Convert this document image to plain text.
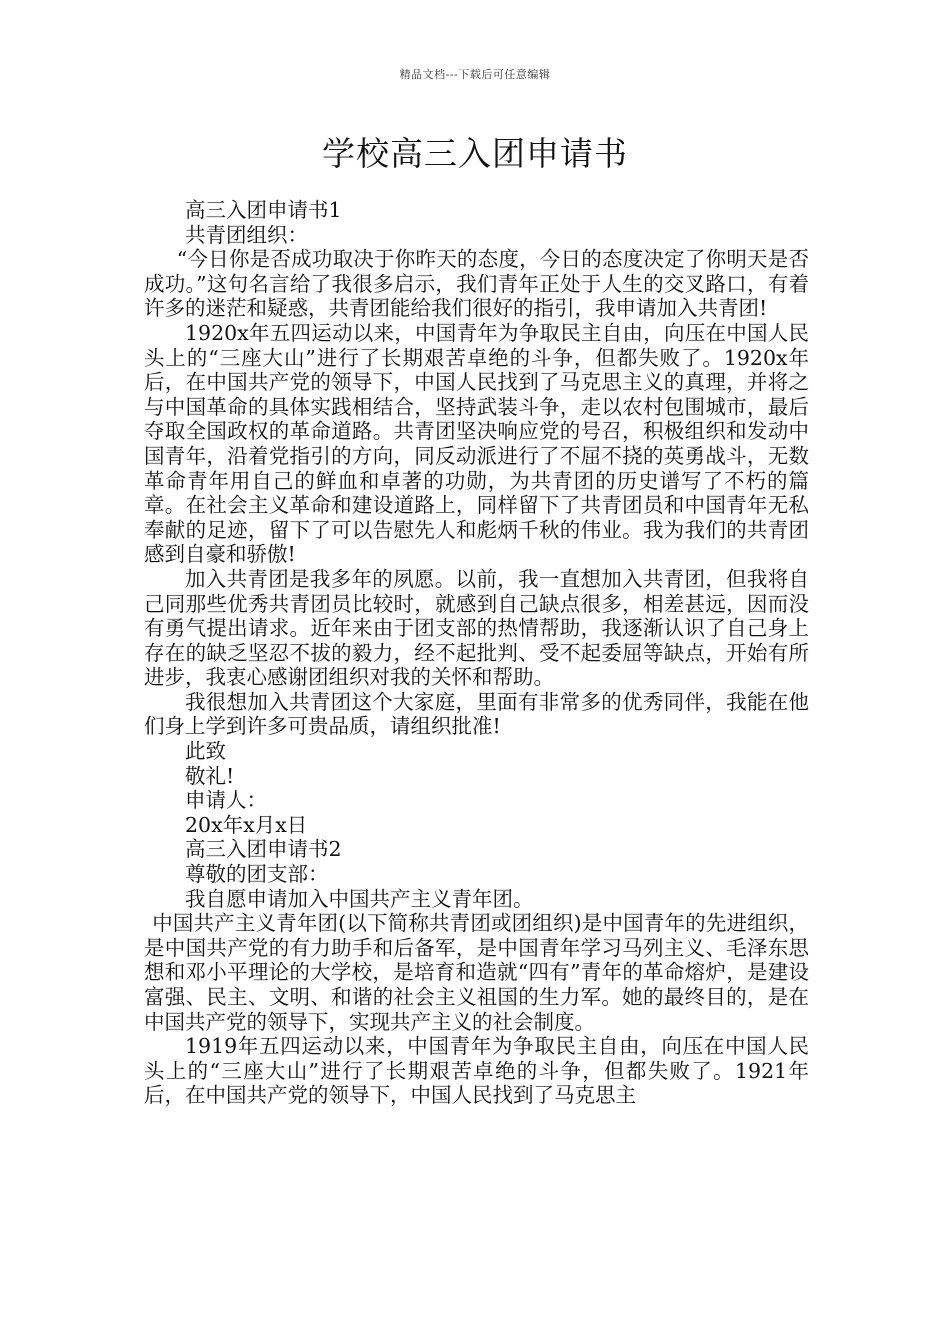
精品文档---下载后可任意编辑
学校高三入团申请书

高三入团申请书1

共青团组织：

“今日你是否成功取决于你昨天的态度，今日的态度决定了你明天是否成功。”这句名言给了我很多启示，我们青年正处于人生的交叉路口，有着许多的迷茫和疑惑，共青团能给我们很好的指引，我申请加入共青团!

1920x年五四运动以来，中国青年为争取民主自由，向压在中国人民头上的“三座大山”进行了长期艰苦卓绝的斗争，但都失败了。1920x年后，在中国共产党的领导下，中国人民找到了马克思主义的真理，并将之与中国革命的具体实践相结合，坚持武装斗争，走以农村包围城市，最后夺取全国政权的革命道路。共青团坚决响应党的号召，积极组织和发动中国青年，沿着党指引的方向，同反动派进行了不屈不挠的英勇战斗，无数革命青年用自己的鲜血和卓著的功勋，为共青团的历史谱写了不朽的篇章。在社会主义革命和建设道路上，同样留下了共青团员和中国青年无私奉献的足迹，留下了可以告慰先人和彪炳千秋的伟业。我为我们的共青团感到自豪和骄傲!

加入共青团是我多年的夙愿。以前，我一直想加入共青团，但我将自己同那些优秀共青团员比较时，就感到自己缺点很多，相差甚远，因而没有勇气提出请求。近年来由于团支部的热情帮助，我逐渐认识了自己身上存在的缺乏坚忍不拔的毅力，经不起批判、受不起委屈等缺点，开始有所进步，我衷心感谢团组织对我的关怀和帮助。

我很想加入共青团这个大家庭，里面有非常多的优秀同伴，我能在他们身上学到许多可贵品质，请组织批准!

此致

敬礼!

申请人：

20x年x月x日

高三入团申请书2

尊敬的团支部：

我自愿申请加入中国共产主义青年团。

中国共产主义青年团(以下简称共青团或团组织)是中国青年的先进组织，是中国共产党的有力助手和后备军，是中国青年学习马列主义、毛泽东思想和邓小平理论的大学校，是培育和造就“四有”青年的革命熔炉，是建设富强、民主、文明、和谐的社会主义祖国的生力军。她的最终目的，是在中国共产党的领导下，实现共产主义的社会制度。

1919年五四运动以来，中国青年为争取民主自由，向压在中国人民头上的“三座大山”进行了长期艰苦卓绝的斗争，但都失败了。1921年后，在中国共产党的领导下，中国人民找到了马克思主
